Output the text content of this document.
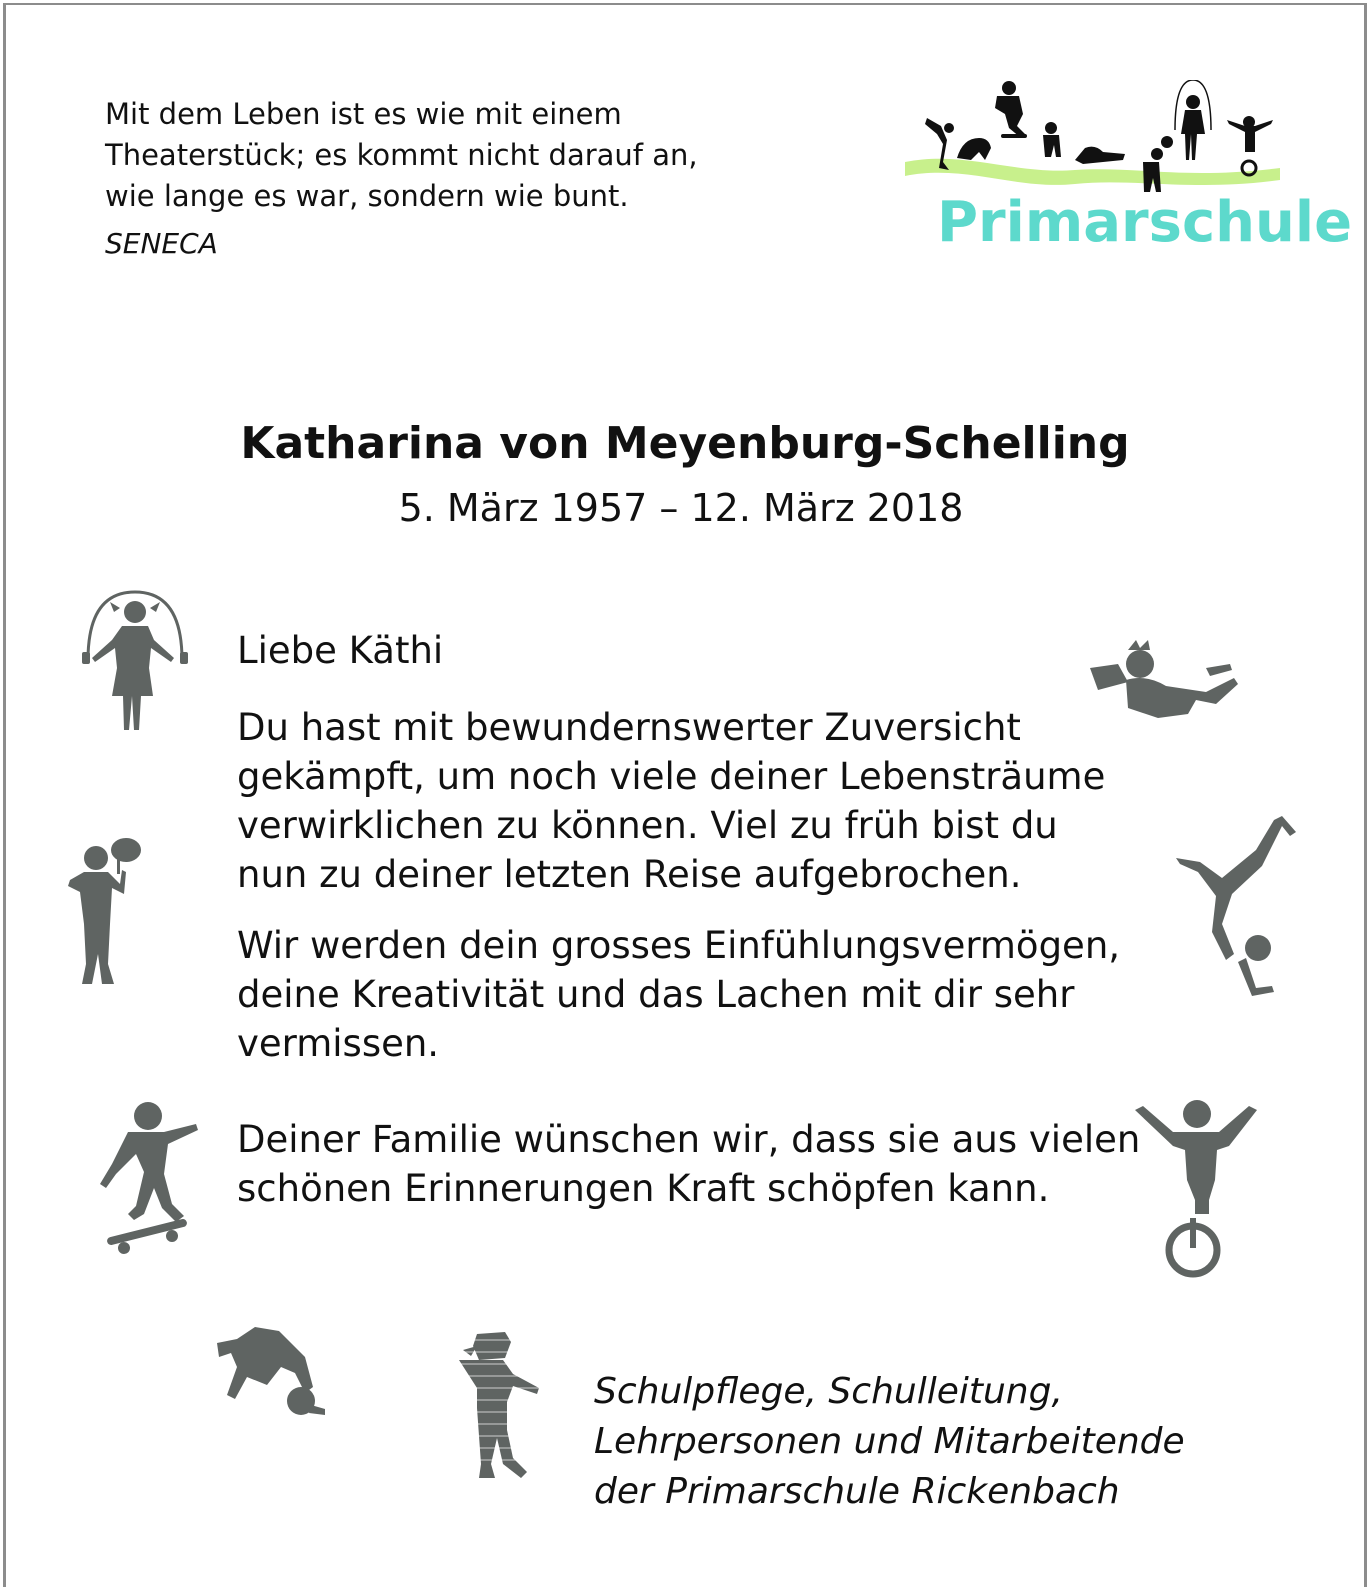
Mit dem Leben ist es wie mit einem
Theaterstück; es kommt nicht darauf an,
wie lange es war, sondern wie bunt.
SENECA	Primarschule
Katharina von Meyenburg-Schelling
5. März 1957 – 12. März 2018

Liebe Käthi

Du hast mit bewundernswerter Zuversicht

gekämpft, um noch viele deiner Lebensträume

verwirklichen zu können. Viel zu früh bist du

nun zu deiner letzten Reise aufgebrochen.

Wir werden dein grosses Einfühlungsvermögen,

deine Kreativität und das Lachen mit dir sehr

vermissen.

Deiner Familie wünschen wir, dass sie aus vielen

schönen Erinnerungen Kraft schöpfen kann.

Schulpflege, Schulleitung,
Lehrpersonen und Mitarbeitende
der Primarschule Rickenbach
